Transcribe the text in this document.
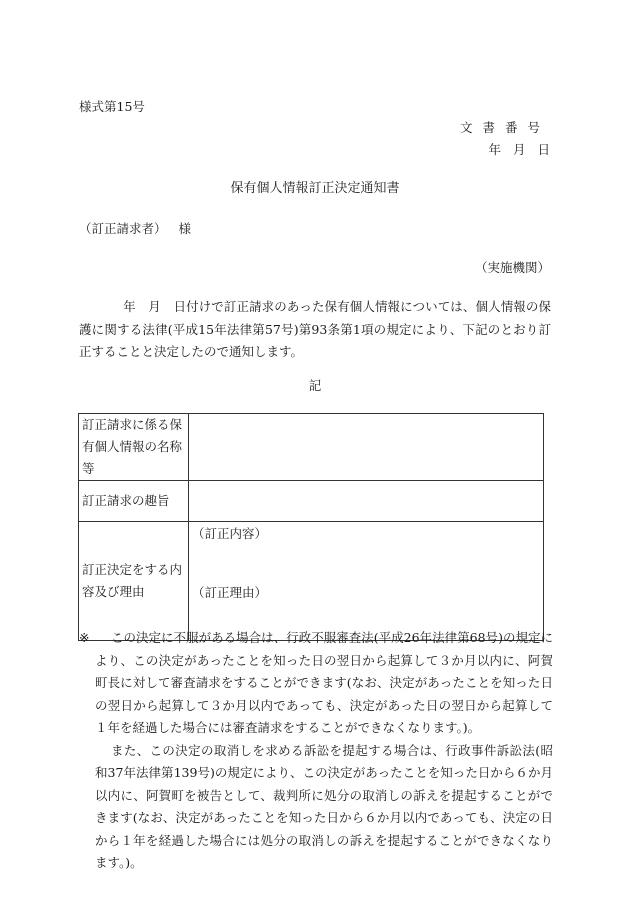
様式第15号
文書番号
年 月 日
保有個人情報訂正決定通知書
（訂正請求者） 様
（実施機関）
年　月　日付けで訂正請求のあった保有個人情報については、個人情報の保護に関する法律(平成15年法律第57号)第93条第1項の規定により、下記のとおり訂正することと決定したので通知します。
記
訂正請求に係る保有個人情報の名称等	
訂正請求の趣旨	
訂正決定をする内容及び理由	（訂正内容）
（訂正理由）
※	この決定に不服がある場合は、行政不服審査法(平成26年法律第68号)の規定により、この決定があったことを知った日の翌日から起算して３か月以内に、阿賀町長に対して審査請求をすることができます(なお、決定があったことを知った日の翌日から起算して３か月以内であっても、決定があった日の翌日から起算して１年を経過した場合には審査請求をすることができなくなります。)。
また、この決定の取消しを求める訴訟を提起する場合は、行政事件訴訟法(昭和37年法律第139号)の規定により、この決定があったことを知った日から６か月以内に、阿賀町を被告として、裁判所に処分の取消しの訴えを提起することができます(なお、決定があったことを知った日から６か月以内であっても、決定の日から１年を経過した場合には処分の取消しの訴えを提起することができなくなります。)。
